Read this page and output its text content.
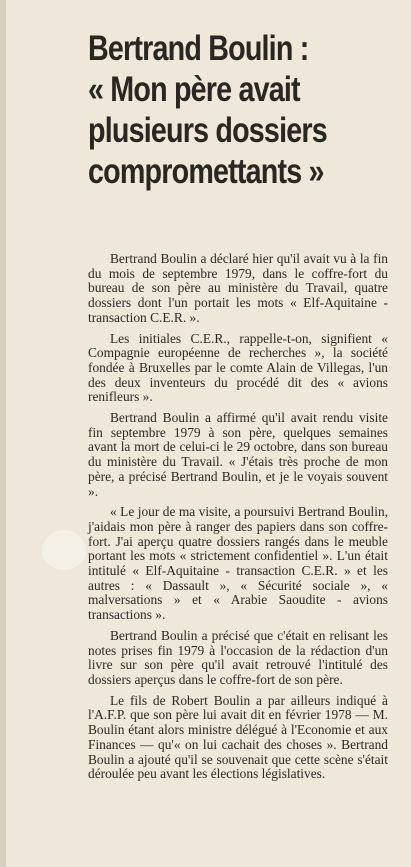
Bertrand Boulin :
« Mon père avait
plusieurs dossiers
compromettants »

Bertrand Boulin a déclaré hier qu'il avait vu à la fin du mois de septembre 1979, dans le coffre-fort du bureau de son père au ministère du Travail, quatre dossiers dont l'un portait les mots « Elf-Aquitaine - transaction C.E.R. ».

Les initiales C.E.R., rappelle-t-on, signifient « Compagnie européenne de recherches », la société fondée à Bruxelles par le comte Alain de Villegas, l'un des deux inventeurs du procédé dit des « avions renifleurs ».

Bertrand Boulin a affirmé qu'il avait rendu visite fin septembre 1979 à son père, quelques semaines avant la mort de celui-ci le 29 octobre, dans son bureau du ministère du Travail. « J'étais très proche de mon père, a précisé Bertrand Boulin, et je le voyais souvent ».

« Le jour de ma visite, a poursuivi Bertrand Boulin, j'aidais mon père à ranger des papiers dans son coffre-fort. J'ai aperçu quatre dossiers rangés dans le meuble portant les mots « strictement confidentiel ». L'un était intitulé « Elf-Aquitaine - transaction C.E.R. » et les autres : « Dassault », « Sécurité sociale », « malversations » et « Arabie Saoudite - avions transactions ».

Bertrand Boulin a précisé que c'était en relisant les notes prises fin 1979 à l'occasion de la rédaction d'un livre sur son père qu'il avait retrouvé l'intitulé des dossiers aperçus dans le coffre-fort de son père.

Le fils de Robert Boulin a par ailleurs indiqué à l'A.F.P. que son père lui avait dit en février 1978 — M. Boulin étant alors ministre délégué à l'Economie et aux Finances — qu'« on lui cachait des choses ». Bertrand Boulin a ajouté qu'il se souvenait que cette scène s'était déroulée peu avant les élections législatives.
